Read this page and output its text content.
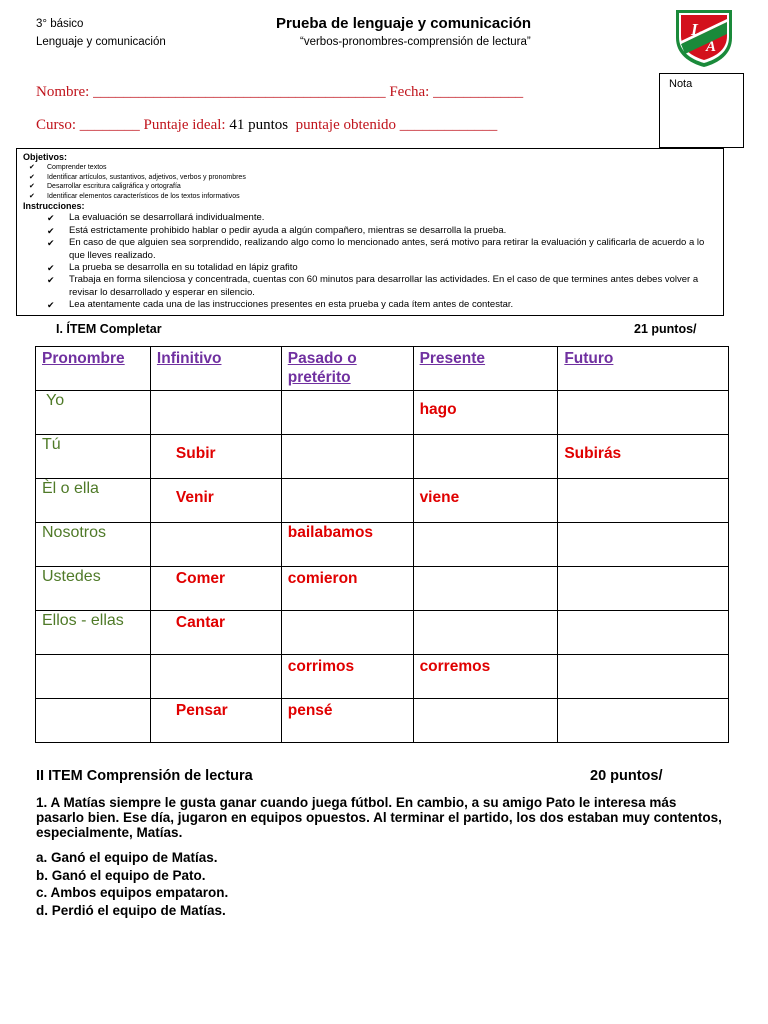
3° básico
Lenguaje y comunicación
Prueba de lenguaje y comunicación
“verbos-pronombres-comprensión de lectura”
L
A
Nota
Nombre: _______________________________________ Fecha: ____________
Curso: ________ Puntaje ideal: 41 puntos puntaje obtenido _____________
Objetivos:
✔ Comprender textos
✔ Identificar artículos, sustantivos, adjetivos, verbos y pronombres
✔ Desarrollar escritura caligráfica y ortografía
✔ Identificar elementos característicos de los textos informativos
Instrucciones:
✔ La evaluación se desarrollará individualmente.
✔ Está estrictamente prohibido hablar o pedir ayuda a algún compañero, mientras se desarrolla la prueba.
✔ En caso de que alguien sea sorprendido, realizando algo como lo mencionado antes, será motivo para retirar la evaluación y calificarla de acuerdo a lo que lleves realizado.
✔ La prueba se desarrolla en su totalidad en lápiz grafito
✔ Trabaja en forma silenciosa y concentrada, cuentas con 60 minutos para desarrollar las actividades. En el caso de que termines antes debes volver a revisar lo desarrollado y esperar en silencio.
✔ Lea atentamente cada una de las instrucciones presentes en esta prueba y cada ítem antes de contestar.
I. ÍTEM Completar	21 puntos/
Pronombre	Infinitivo	Pasado o pretérito	Presente	Futuro
Yo			hago	
Tú	Subir			Subirás
Èl o ella	Venir		viene	
Nosotros		bailabamos		
Ustedes	Comer	comieron		
Ellos - ellas	Cantar			
		corrimos	corremos	
	Pensar	pensé		
II ITEM Comprensión de lectura	20 puntos/
1. A Matías siempre le gusta ganar cuando juega fútbol. En cambio, a su amigo Pato le interesa más pasarlo bien. Ese día, jugaron en equipos opuestos. Al terminar el partido, los dos estaban muy contentos, especialmente, Matías.
a. Ganó el equipo de Matías.
b. Ganó el equipo de Pato.
c. Ambos equipos empataron.
d. Perdió el equipo de Matías.
